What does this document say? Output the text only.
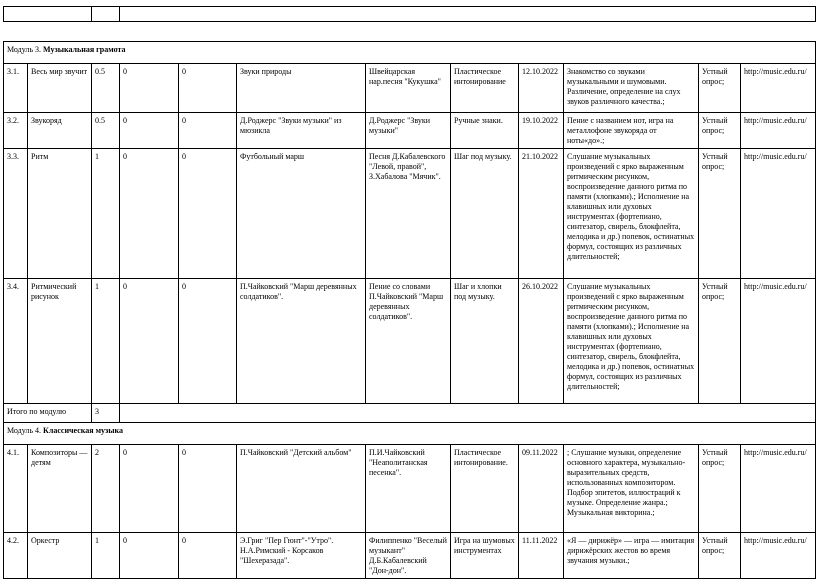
Модуль 3. Музыкальная грамота											
3.1.	Весь мир звучит	0.5	0	0	Звуки природы	Швейцарская нар.песня "Кукушка"	Пластическое интонирование	12.10.2022	Знакомство со звуками музыкальными и шумовыми. Различение, определение на слух звуков различного качества.;	Устный опрос;	http://music.edu.ru/
3.2.	Звукоряд	0.5	0	0	Д.Роджерс "Звуки музыки" из мюзикла	Д.Роджерс "Звуки музыки"	Ручные знаки.	19.10.2022	Пение с названием нот, игра на металлофоне звукоряда от ноты«до».;	Устный опрос;	http://music.edu.ru/
3.3.	Ритм	1	0	0	Футбольный марш	Песня Д.Кабалевского "Левой, правой", З.Хабалова "Мячик".	Шаг под музыку.	21.10.2022	Слушание музыкальных произведений с ярко выраженным ритмическим рисунком, воспроизведение данного ритма по памяти (хлопками).; Исполнение на клавишных или духовых инструментах (фортепиано, синтезатор, свирель, блокфлейта, мелодика и др.) попевок, остинатных формул, состоящих из различных длительностей;	Устный опрос;	http://music.edu.ru/
3.4.	Ритмический рисунок	1	0	0	П.Чайковский "Марш деревянных солдатиков".	Пение со словами П.Чайковский "Марш деревянных солдатиков".	Шаг и хлопки под музыку.	26.10.2022	Слушание музыкальных произведений с ярко выраженным ритмическим рисунком, воспроизведение данного ритма по памяти (хлопками).; Исполнение на клавишных или духовых инструментах (фортепиано, синтезатор, свирель, блокфлейта, мелодика и др.) попевок, остинатных формул, состоящих из различных длительностей;	Устный опрос;	http://music.edu.ru/
Итого по модулю		3									
Модуль 4. Классическая музыка											
4.1.	Композиторы — детям	2	0	0	П.Чайковский "Детский альбом"	П.И.Чайковский "Неаполитанская песенка".	Пластическое интонирование.	09.11.2022	; Слушание музыки, определение основного характера, музыкально-выразительных средств, использованных композитором. Подбор эпитетов, иллюстраций к музыке. Определение жанра.; Музыкальная викторина.;	Устный опрос;	http://music.edu.ru/
4.2.	Оркестр	1	0	0	Э.Григ "Пер Гюнт"-"Утро". Н.А.Римский - Корсаков "Шехеразада".	Филиппенко "Веселый музыкант" Д.Б.Кабалевский "Дон-дон".	Игра на шумовых инструментах	11.11.2022	«Я — дирижёр» — игра — имитация дирижёрских жестов во время звучания музыки.;	Устный опрос;	http://music.edu.ru/
